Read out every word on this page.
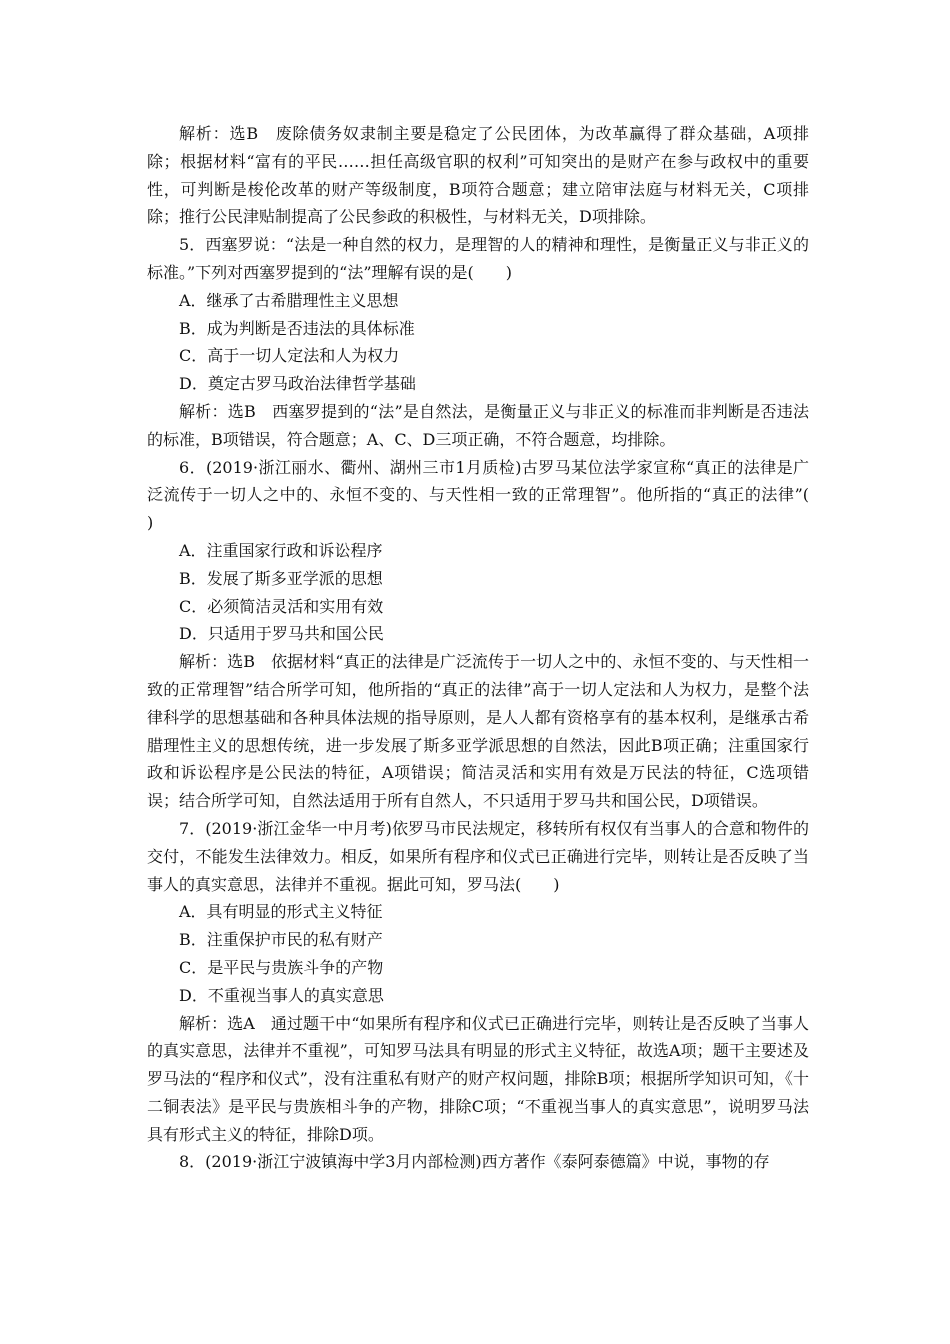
解析：选B　废除债务奴隶制主要是稳定了公民团体，为改革赢得了群众基础，A项排除；根据材料“富有的平民……担任高级官职的权利”可知突出的是财产在参与政权中的重要性，可判断是梭伦改革的财产等级制度，B项符合题意；建立陪审法庭与材料无关，C项排除；推行公民津贴制提高了公民参政的积极性，与材料无关，D项排除。

5．西塞罗说：“法是一种自然的权力，是理智的人的精神和理性，是衡量正义与非正义的标准。”下列对西塞罗提到的“法”理解有误的是(　　)

A．继承了古希腊理性主义思想

B．成为判断是否违法的具体标准

C．高于一切人定法和人为权力

D．奠定古罗马政治法律哲学基础

解析：选B　西塞罗提到的“法”是自然法，是衡量正义与非正义的标准而非判断是否违法的标准，B项错误，符合题意；A、C、D三项正确，不符合题意，均排除。

6．(2019·浙江丽水、衢州、湖州三市1月质检)古罗马某位法学家宣称“真正的法律是广泛流传于一切人之中的、永恒不变的、与天性相一致的正常理智”。他所指的“真正的法律”(　　)

A．注重国家行政和诉讼程序

B．发展了斯多亚学派的思想

C．必须简洁灵活和实用有效

D．只适用于罗马共和国公民

解析：选B　依据材料“真正的法律是广泛流传于一切人之中的、永恒不变的、与天性相一致的正常理智”结合所学可知，他所指的“真正的法律”高于一切人定法和人为权力，是整个法律科学的思想基础和各种具体法规的指导原则，是人人都有资格享有的基本权利，是继承古希腊理性主义的思想传统，进一步发展了斯多亚学派思想的自然法，因此B项正确；注重国家行政和诉讼程序是公民法的特征，A项错误；简洁灵活和实用有效是万民法的特征，C选项错误；结合所学可知，自然法适用于所有自然人，不只适用于罗马共和国公民，D项错误。

7．(2019·浙江金华一中月考)依罗马市民法规定，移转所有权仅有当事人的合意和物件的交付，不能发生法律效力。相反，如果所有程序和仪式已正确进行完毕，则转让是否反映了当事人的真实意思，法律并不重视。据此可知，罗马法(　　)

A．具有明显的形式主义特征

B．注重保护市民的私有财产

C．是平民与贵族斗争的产物

D．不重视当事人的真实意思

解析：选A　通过题干中“如果所有程序和仪式已正确进行完毕，则转让是否反映了当事人的真实意思，法律并不重视”，可知罗马法具有明显的形式主义特征，故选A项；题干主要述及罗马法的“程序和仪式”，没有注重私有财产的财产权问题，排除B项；根据所学知识可知，《十二铜表法》是平民与贵族相斗争的产物，排除C项；“不重视当事人的真实意思”，说明罗马法具有形式主义的特征，排除D项。

8．(2019·浙江宁波镇海中学3月内部检测)西方著作《泰阿泰德篇》中说，事物的存
